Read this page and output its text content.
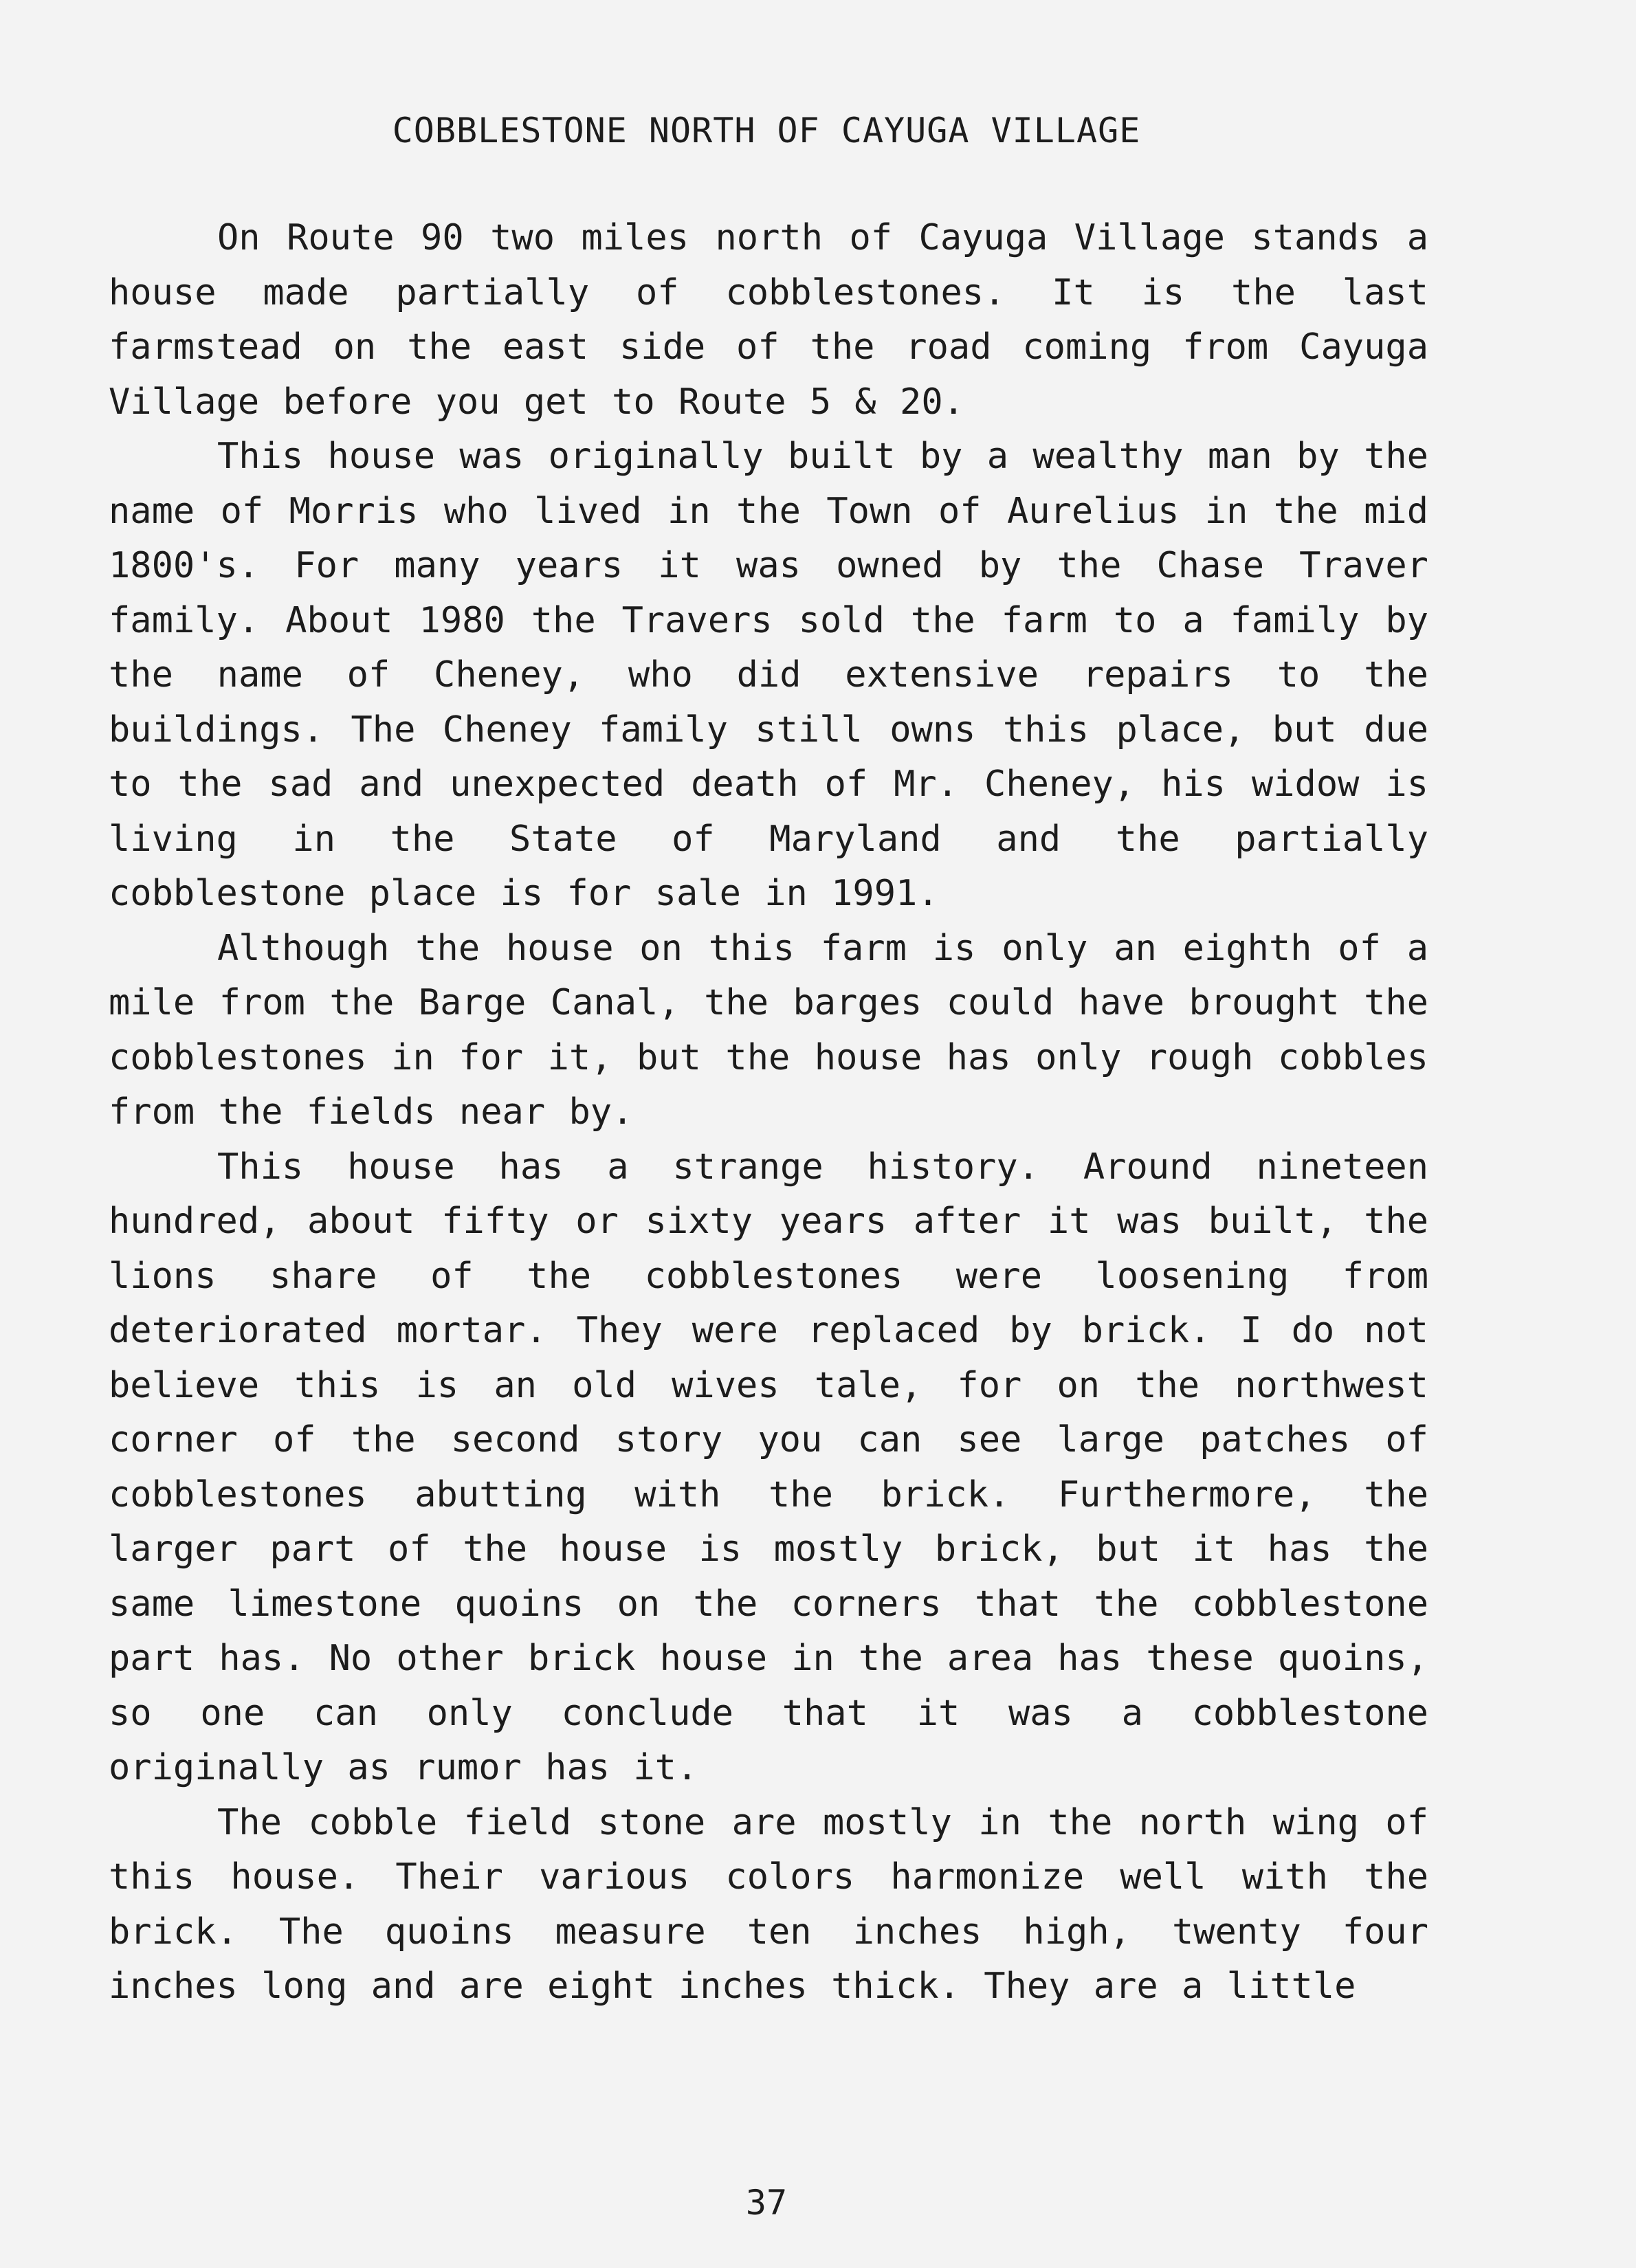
COBBLESTONE NORTH OF CAYUGA VILLAGE

On Route 90 two miles north of Cayuga Village stands a house made partially of cobblestones. It is the last farmstead on the east side of the road coming from Cayuga Village before you get to Route 5 & 20.

This house was originally built by a wealthy man by the name of Morris who lived in the Town of Aurelius in the mid 1800's. For many years it was owned by the Chase Traver family. About 1980 the Travers sold the farm to a family by the name of Cheney, who did extensive repairs to the buildings. The Cheney family still owns this place, but due to the sad and unexpected death of Mr. Cheney, his widow is living in the State of Maryland and the partially cobblestone place is for sale in 1991.

Although the house on this farm is only an eighth of a mile from the Barge Canal, the barges could have brought the cobblestones in for it, but the house has only rough cobbles from the fields near by.

This house has a strange history. Around nineteen hundred, about fifty or sixty years after it was built, the lions share of the cobblestones were loosening from deteriorated mortar. They were replaced by brick. I do not believe this is an old wives tale, for on the northwest corner of the second story you can see large patches of cobblestones abutting with the brick. Furthermore, the larger part of the house is mostly brick, but it has the same limestone quoins on the corners that the cobblestone part has. No other brick house in the area has these quoins, so one can only conclude that it was a cobblestone originally as rumor has it.

The cobble field stone are mostly in the north wing of this house. Their various colors harmonize well with the brick. The quoins measure ten inches high, twenty four inches long and are eight inches thick. They are a little

37
